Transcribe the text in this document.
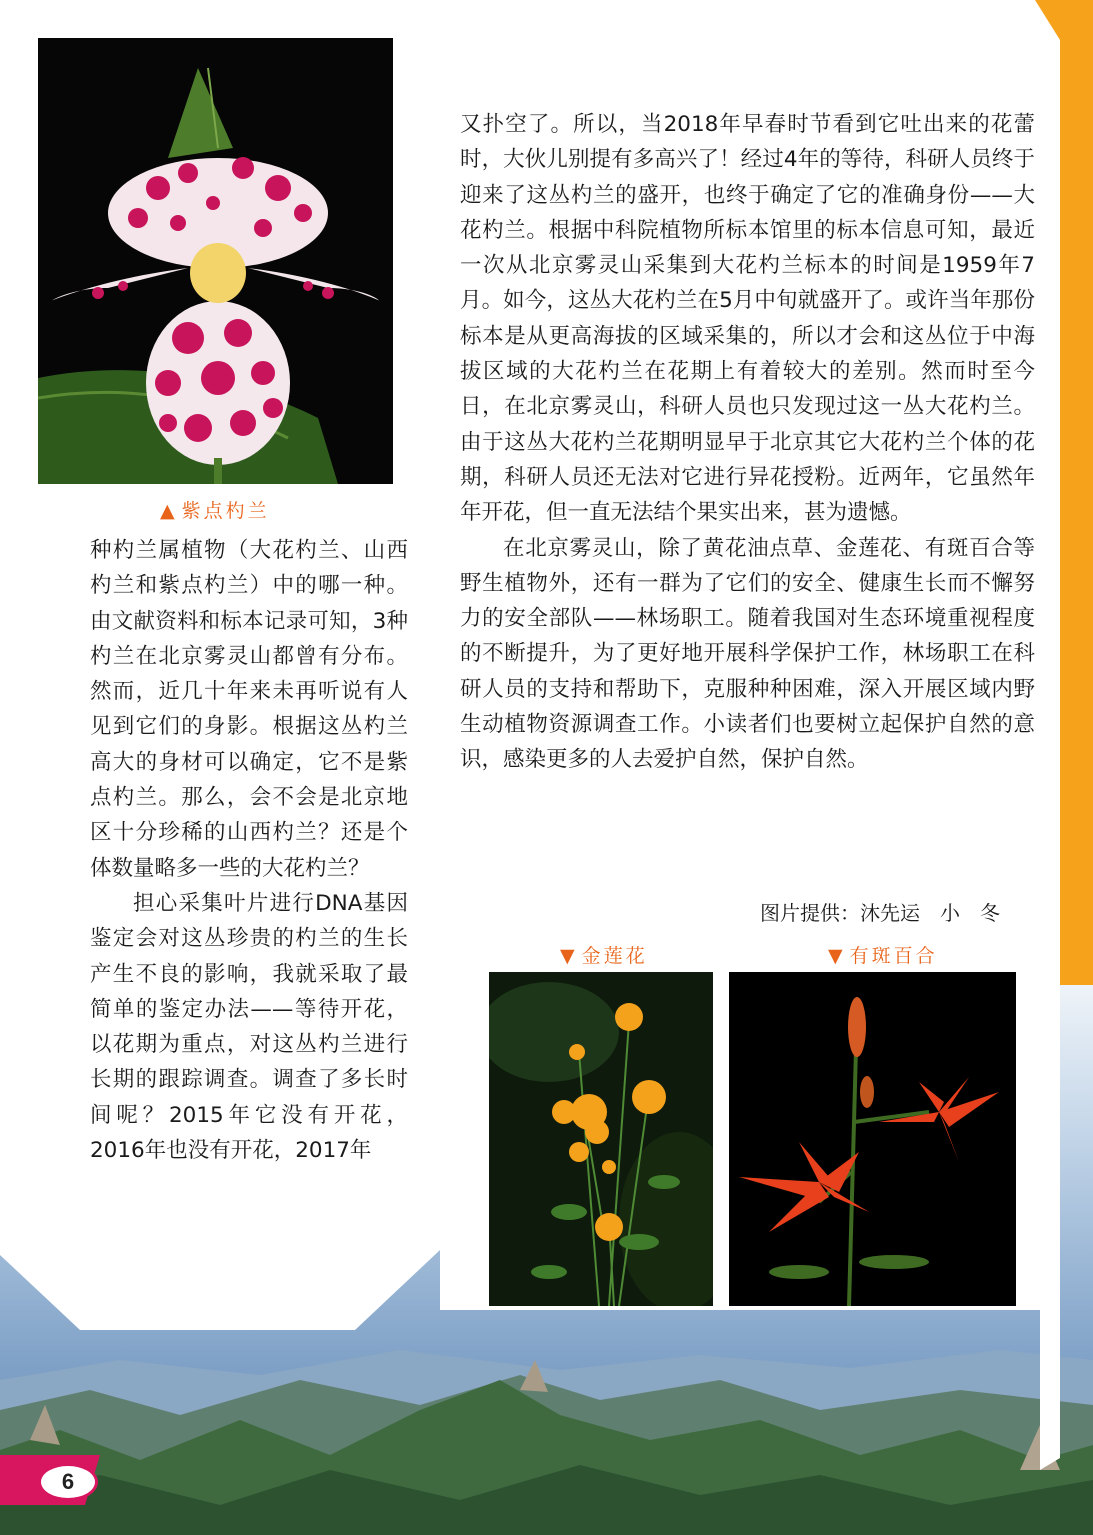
▲ 紫点杓兰

种杓兰属植物（大花杓兰、山西杓兰和紫点杓兰）中的哪一种。由文献资料和标本记录可知，3种杓兰在北京雾灵山都曾有分布。然而，近几十年来未再听说有人见到它们的身影。根据这丛杓兰高大的身材可以确定，它不是紫点杓兰。那么，会不会是北京地区十分珍稀的山西杓兰？还是个体数量略多一些的大花杓兰？

担心采集叶片进行DNA基因鉴定会对这丛珍贵的杓兰的生长产生不良的影响，我就采取了最简单的鉴定办法——等待开花，以花期为重点，对这丛杓兰进行长期的跟踪调查。调查了多长时间呢？2015年它没有开花，2016年也没有开花，2017年

又扑空了。所以，当2018年早春时节看到它吐出来的花蕾时，大伙儿别提有多高兴了！经过4年的等待，科研人员终于迎来了这丛杓兰的盛开，也终于确定了它的准确身份——大花杓兰。根据中科院植物所标本馆里的标本信息可知，最近一次从北京雾灵山采集到大花杓兰标本的时间是1959年7月。如今，这丛大花杓兰在5月中旬就盛开了。或许当年那份标本是从更高海拔的区域采集的，所以才会和这丛位于中海拔区域的大花杓兰在花期上有着较大的差别。然而时至今日，在北京雾灵山，科研人员也只发现过这一丛大花杓兰。由于这丛大花杓兰花期明显早于北京其它大花杓兰个体的花期，科研人员还无法对它进行异花授粉。近两年，它虽然年年开花，但一直无法结个果实出来，甚为遗憾。

在北京雾灵山，除了黄花油点草、金莲花、有斑百合等野生植物外，还有一群为了它们的安全、健康生长而不懈努力的安全部队——林场职工。随着我国对生态环境重视程度的不断提升，为了更好地开展科学保护工作，林场职工在科研人员的支持和帮助下，克服种种困难，深入开展区域内野生动植物资源调查工作。小读者们也要树立起保护自然的意识，感染更多的人去爱护自然，保护自然。

图片提供：沐先运　小　冬
▼ 金莲花	▼ 有斑百合
6
